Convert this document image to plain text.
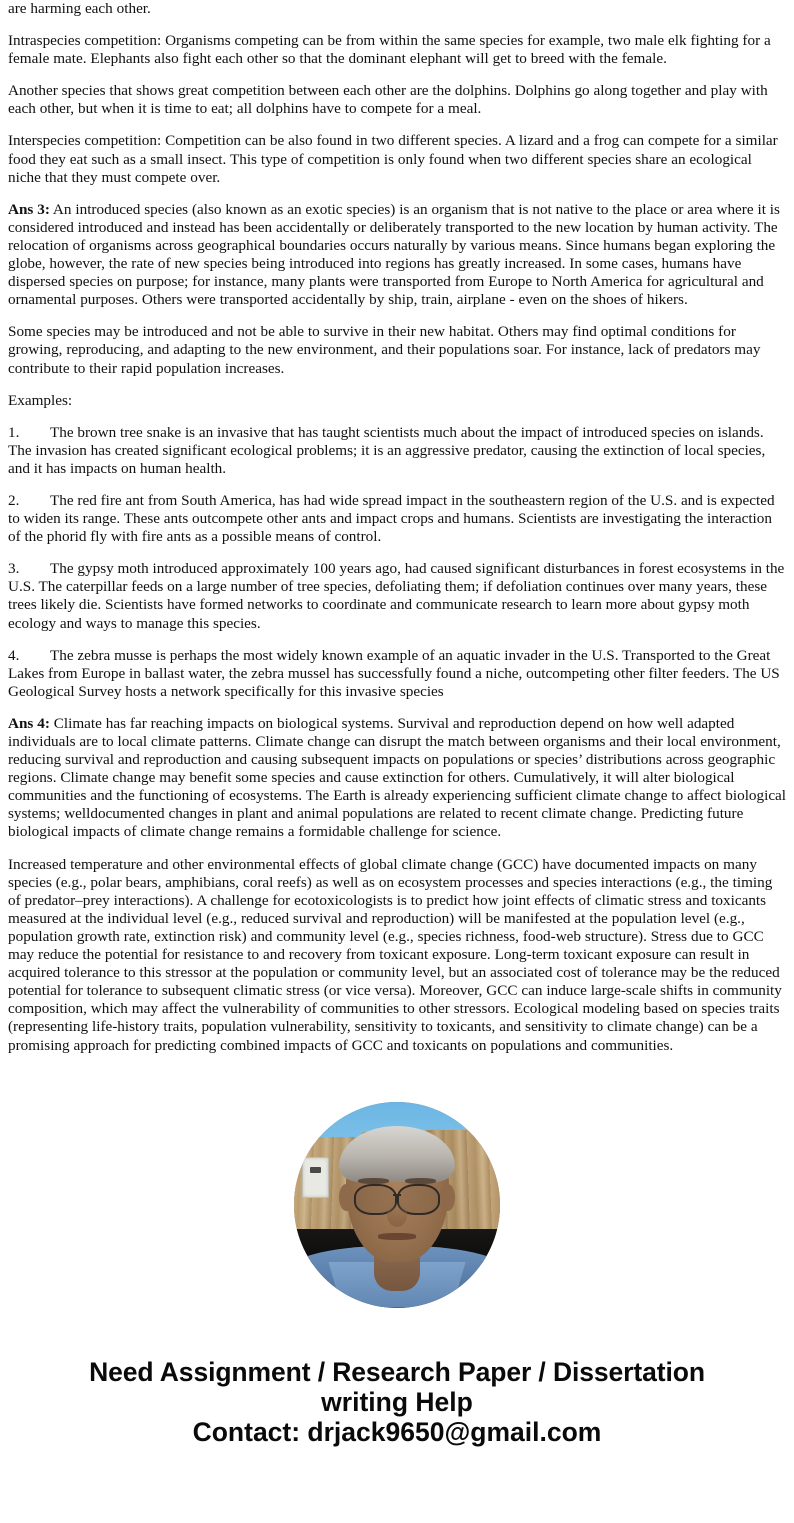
are harming each other.

Intraspecies competition: Organisms competing can be from within the same species for example, two male elk fighting for a female mate. Elephants also fight each other so that the dominant elephant will get to breed with the female.

Another species that shows great competition between each other are the dolphins. Dolphins go along together and play with each other, but when it is time to eat; all dolphins have to compete for a meal.

Interspecies competition: Competition can be also found in two different species. A lizard and a frog can compete for a similar food they eat such as a small insect. This type of competition is only found when two different species share an ecological niche that they must compete over.

Ans 3: An introduced species (also known as an exotic species) is an organism that is not native to the place or area where it is considered introduced and instead has been accidentally or deliberately transported to the new location by human activity. The relocation of organisms across geographical boundaries occurs naturally by various means. Since humans began exploring the globe, however, the rate of new species being introduced into regions has greatly increased. In some cases, humans have dispersed species on purpose; for instance, many plants were transported from Europe to North America for agricultural and ornamental purposes. Others were transported accidentally by ship, train, airplane - even on the shoes of hikers.

Some species may be introduced and not be able to survive in their new habitat. Others may find optimal conditions for growing, reproducing, and adapting to the new environment, and their populations soar. For instance, lack of predators may contribute to their rapid population increases.

Examples:

1. The brown tree snake is an invasive that has taught scientists much about the impact of introduced species on islands. The invasion has created significant ecological problems; it is an aggressive predator, causing the extinction of local species, and it has impacts on human health.

2. The red fire ant from South America, has had wide spread impact in the southeastern region of the U.S. and is expected to widen its range. These ants outcompete other ants and impact crops and humans. Scientists are investigating the interaction of the phorid fly with fire ants as a possible means of control.

3. The gypsy moth introduced approximately 100 years ago, had caused significant disturbances in forest ecosystems in the U.S. The caterpillar feeds on a large number of tree species, defoliating them; if defoliation continues over many years, these trees likely die. Scientists have formed networks to coordinate and communicate research to learn more about gypsy moth ecology and ways to manage this species.

4. The zebra musse is perhaps the most widely known example of an aquatic invader in the U.S. Transported to the Great Lakes from Europe in ballast water, the zebra mussel has successfully found a niche, outcompeting other filter feeders. The US Geological Survey hosts a network specifically for this invasive species

Ans 4: Climate has far reaching impacts on biological systems. Survival and reproduction depend on how well adapted individuals are to local climate patterns. Climate change can disrupt the match between organisms and their local environment, reducing survival and reproduction and causing subsequent impacts on populations or species’ distributions across geographic regions. Climate change may benefit some species and cause extinction for others. Cumulatively, it will alter biological communities and the functioning of ecosystems. The Earth is already experiencing sufficient climate change to affect biological systems; welldocumented changes in plant and animal populations are related to recent climate change. Predicting future biological impacts of climate change remains a formidable challenge for science.

Increased temperature and other environmental effects of global climate change (GCC) have documented impacts on many species (e.g., polar bears, amphibians, coral reefs) as well as on ecosystem processes and species interactions (e.g., the timing of predator–prey interactions). A challenge for ecotoxicologists is to predict how joint effects of climatic stress and toxicants measured at the individual level (e.g., reduced survival and reproduction) will be manifested at the population level (e.g., population growth rate, extinction risk) and community level (e.g., species richness, food-web structure). Stress due to GCC may reduce the potential for resistance to and recovery from toxicant exposure. Long-term toxicant exposure can result in acquired tolerance to this stressor at the population or community level, but an associated cost of tolerance may be the reduced potential for tolerance to subsequent climatic stress (or vice versa). Moreover, GCC can induce large-scale shifts in community composition, which may affect the vulnerability of communities to other stressors. Ecological modeling based on species traits (representing life-history traits, population vulnerability, sensitivity to toxicants, and sensitivity to climate change) can be a promising approach for predicting combined impacts of GCC and toxicants on populations and communities.

Need Assignment / Research Paper / Dissertation
writing Help
Contact: drjack9650@gmail.com
